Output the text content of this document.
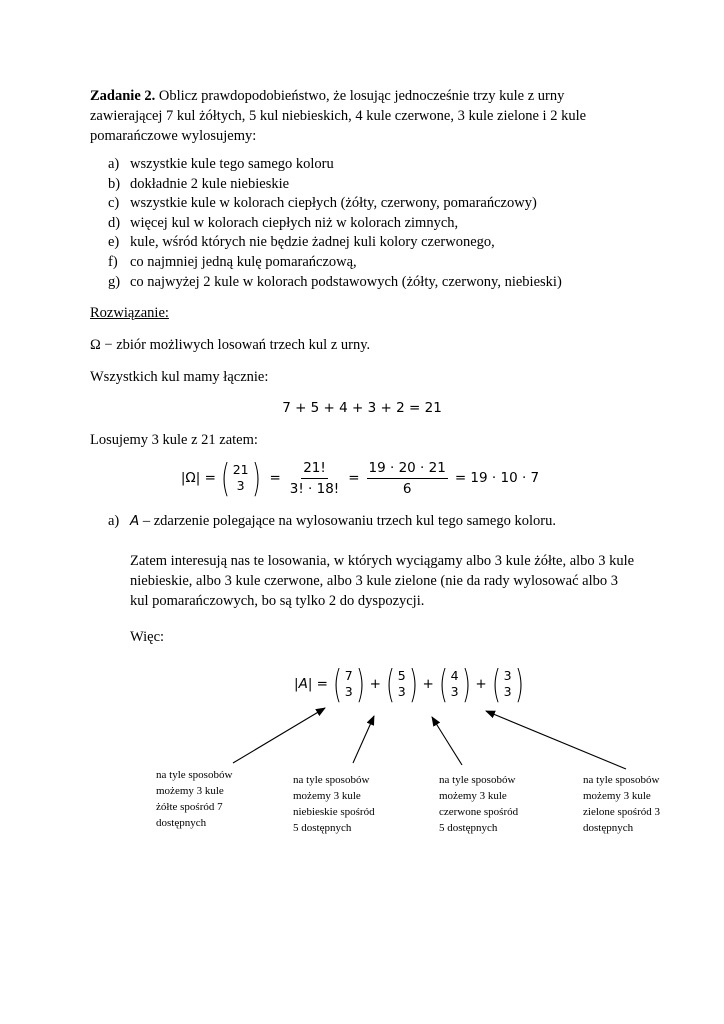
Zadanie 2. Oblicz prawdopodobieństwo, że losując jednocześnie trzy kule z urny
zawierającej 7 kul żółtych, 5 kul niebieskich, 4 kule czerwone, 3 kule zielone i 2 kule
pomarańczowe wylosujemy:
a) wszystkie kule tego samego koloru
b) dokładnie 2 kule niebieskie
c) wszystkie kule w kolorach ciepłych (żółty, czerwony, pomarańczowy)
d) więcej kul w kolorach ciepłych niż w kolorach zimnych,
e) kule, wśród których nie będzie żadnej kuli kolory czerwonego,
f) co najmniej jedną kulę pomarańczową,
g) co najwyżej 2 kule w kolorach podstawowych (żółty, czerwony, niebieski)
Rozwiązanie:
Ω − zbiór możliwych losowań trzech kul z urny.
Wszystkich kul mamy łącznie:
7 + 5 + 4 + 3 + 2 = 21
Losujemy 3 kule z 21 zatem:
|Ω| = ( 21
3 ) = $\frac{21!}{3! \cdot 18!} = \frac{19 \cdot 20 \cdot 21}{6} = 19 \cdot 10 \cdot 7$
a) A – zdarzenie polegające na wylosowaniu trzech kul tego samego koloru.
Zatem interesują nas te losowania, w których wyciągamy albo 3 kule żółte, albo 3 kule
niebieskie, albo 3 kule czerwone, albo 3 kule zielone (nie da rady wylosować albo 3
kul pomarańczowych, bo są tylko 2 do dyspozycji.
Więc:
| A | = ( 7
3 ) + ( 5
3 ) + ( 4
3 ) + ( 3
3 )
na tyle sposobów
możemy 3 kule
żółte spośród 7
dostępnych
na tyle sposobów
możemy 3 kule
niebieskie spośród
5 dostępnych
na tyle sposobów
możemy 3 kule
czerwone spośród
5 dostępnych
na tyle sposobów
możemy 3 kule
zielone spośród 3
dostępnych
